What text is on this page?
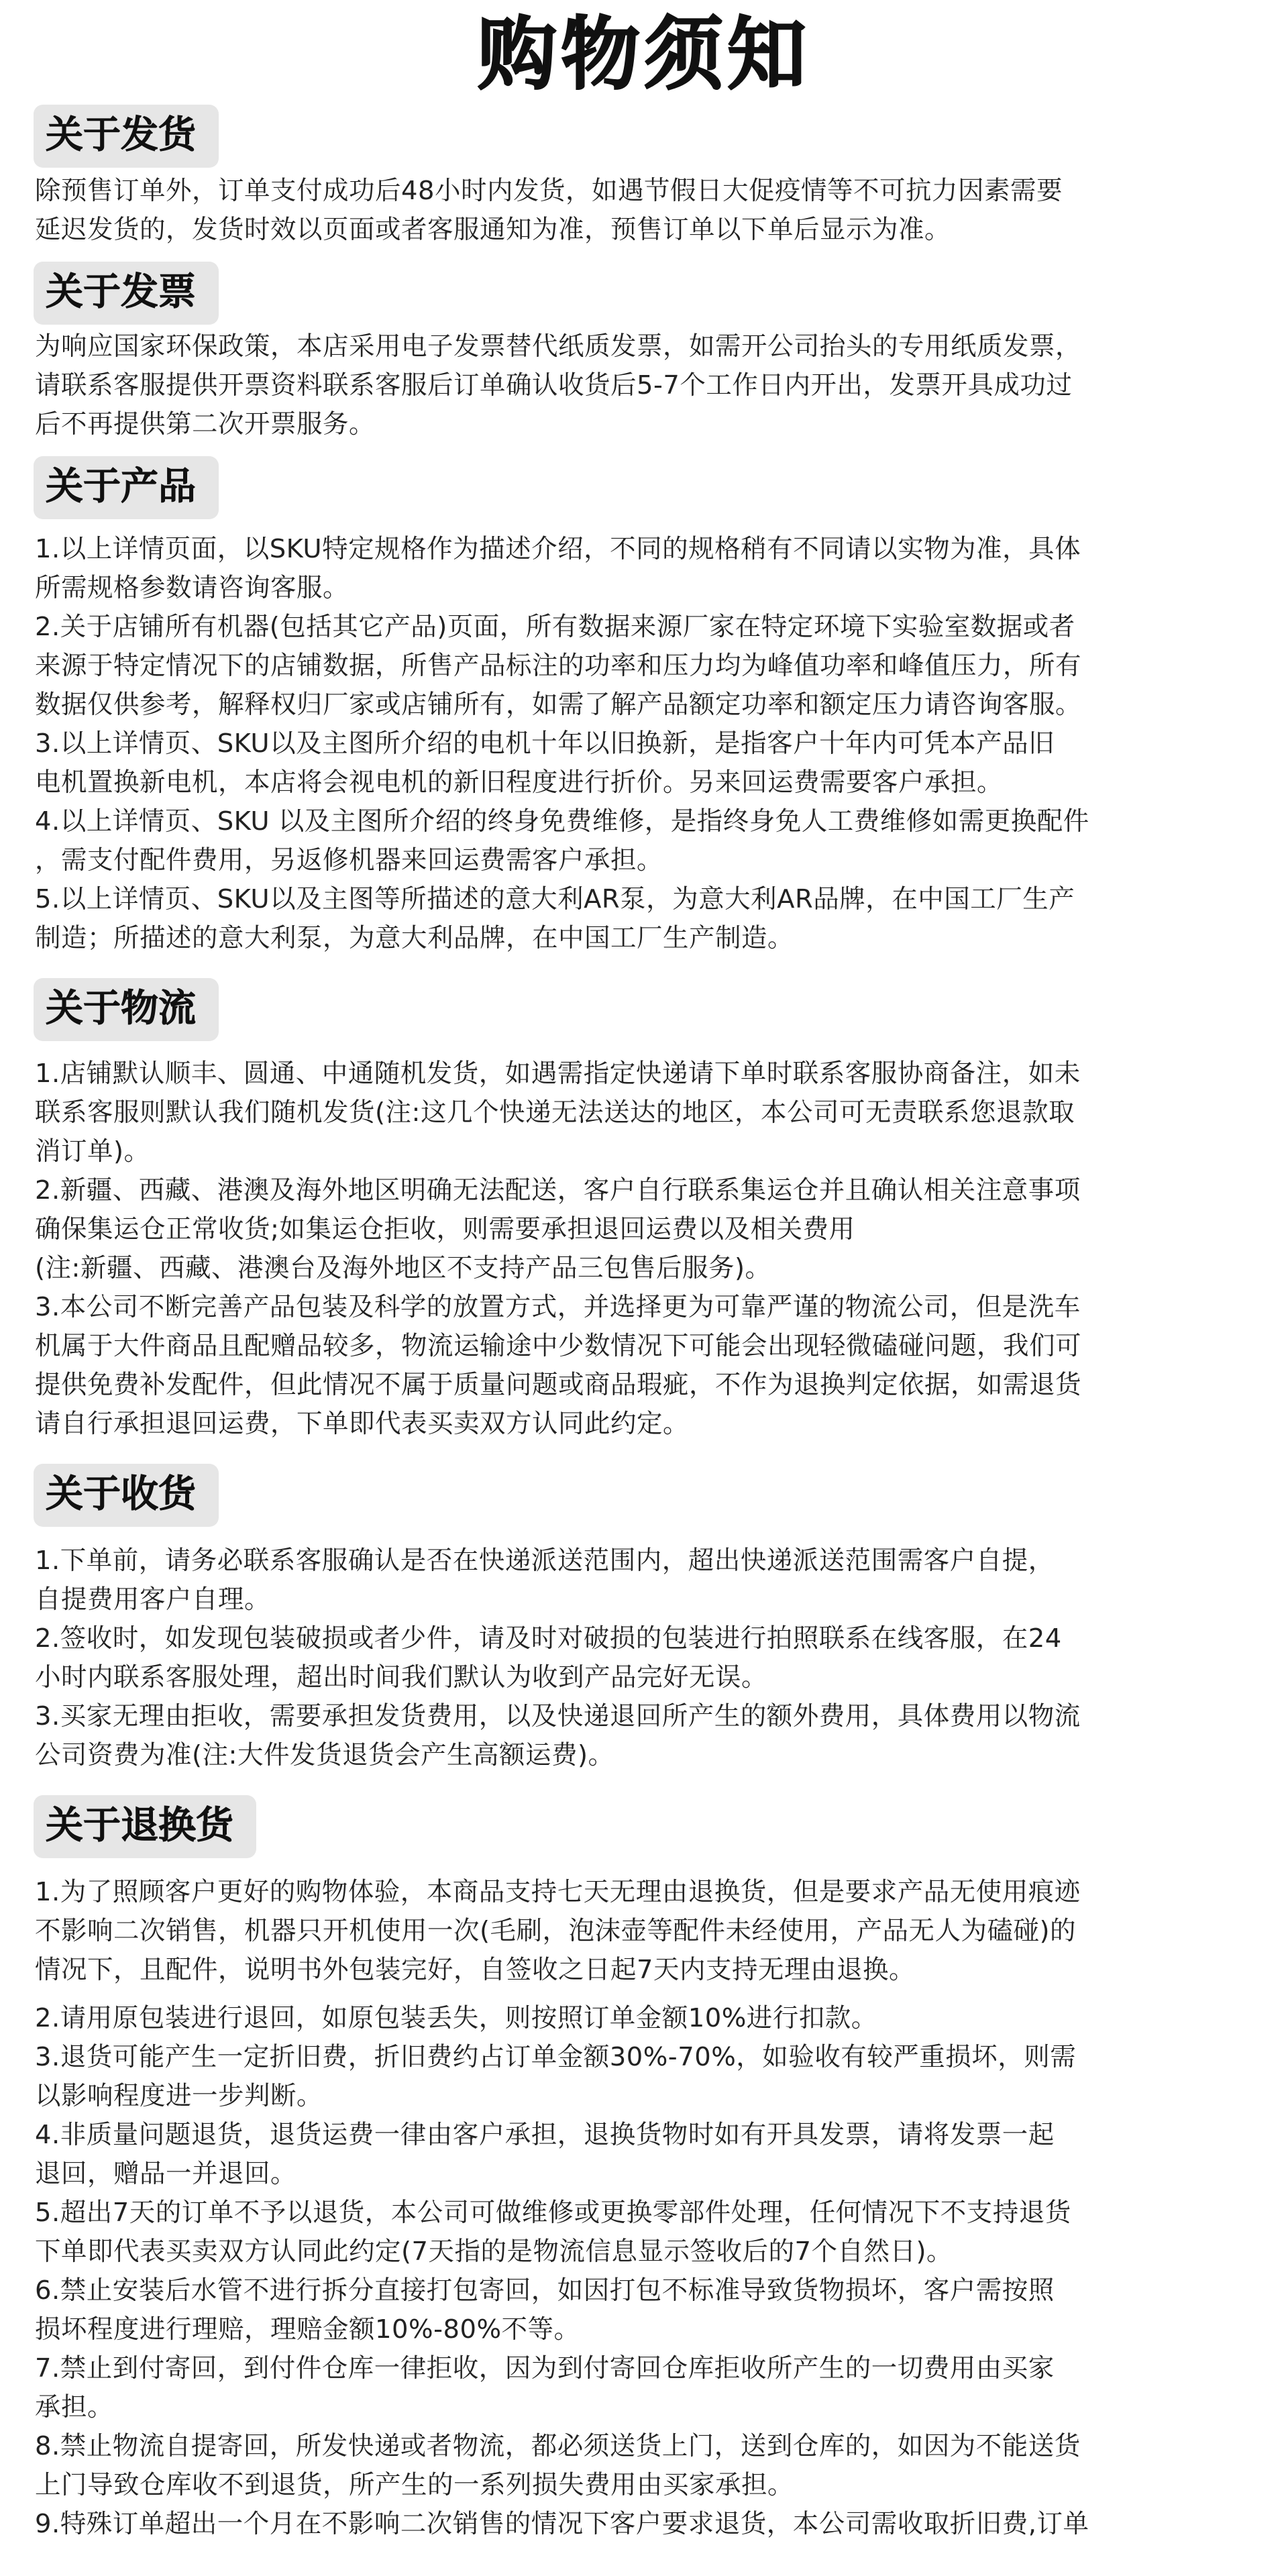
购物须知
关于发货

除预售订单外，订单支付成功后48小时内发货，如遇节假日大促疫情等不可抗力因素需要
延迟发货的，发货时效以页面或者客服通知为准，预售订单以下单后显示为准。

关于发票

为响应国家环保政策，本店采用电子发票替代纸质发票，如需开公司抬头的专用纸质发票，
请联系客服提供开票资料联系客服后订单确认收货后5-7个工作日内开出，发票开具成功过
后不再提供第二次开票服务。

关于产品

1.以上详情页面，以SKU特定规格作为描述介绍，不同的规格稍有不同请以实物为准，具体
所需规格参数请咨询客服。

2.关于店铺所有机器(包括其它产品)页面，所有数据来源厂家在特定环境下实验室数据或者
来源于特定情况下的店铺数据，所售产品标注的功率和压力均为峰值功率和峰值压力，所有
数据仅供参考，解释权归厂家或店铺所有，如需了解产品额定功率和额定压力请咨询客服。

3.以上详情页、SKU以及主图所介绍的电机十年以旧换新，是指客户十年内可凭本产品旧
电机置换新电机，本店将会视电机的新旧程度进行折价。另来回运费需要客户承担。

4.以上详情页、SKU 以及主图所介绍的终身免费维修，是指终身免人工费维修如需更换配件
，需支付配件费用，另返修机器来回运费需客户承担。

5.以上详情页、SKU以及主图等所描述的意大利AR泵，为意大利AR品牌，在中国工厂生产
制造；所描述的意大利泵，为意大利品牌，在中国工厂生产制造。

关于物流

1.店铺默认顺丰、圆通、中通随机发货，如遇需指定快递请下单时联系客服协商备注，如未
联系客服则默认我们随机发货(注:这几个快递无法送达的地区，本公司可无责联系您退款取
消订单)。

2.新疆、西藏、港澳及海外地区明确无法配送，客户自行联系集运仓并且确认相关注意事项
确保集运仓正常收货;如集运仓拒收，则需要承担退回运费以及相关费用
(注:新疆、西藏、港澳台及海外地区不支持产品三包售后服务)。

3.本公司不断完善产品包装及科学的放置方式，并选择更为可靠严谨的物流公司，但是洗车
机属于大件商品且配赠品较多，物流运输途中少数情况下可能会出现轻微磕碰问题，我们可
提供免费补发配件，但此情况不属于质量问题或商品瑕疵，不作为退换判定依据，如需退货
请自行承担退回运费，下单即代表买卖双方认同此约定。

关于收货

1.下单前，请务必联系客服确认是否在快递派送范围内，超出快递派送范围需客户自提，
自提费用客户自理。

2.签收时，如发现包装破损或者少件，请及时对破损的包装进行拍照联系在线客服，在24
小时内联系客服处理，超出时间我们默认为收到产品完好无误。

3.买家无理由拒收，需要承担发货费用，以及快递退回所产生的额外费用，具体费用以物流
公司资费为准(注:大件发货退货会产生高额运费)。

关于退换货

1.为了照顾客户更好的购物体验，本商品支持七天无理由退换货，但是要求产品无使用痕迹
不影响二次销售，机器只开机使用一次(毛刷，泡沫壶等配件未经使用，产品无人为磕碰)的
情况下，且配件，说明书外包装完好，自签收之日起7天内支持无理由退换。

2.请用原包装进行退回，如原包装丢失，则按照订单金额10%进行扣款。

3.退货可能产生一定折旧费，折旧费约占订单金额30%-70%，如验收有较严重损坏，则需
以影响程度进一步判断。

4.非质量问题退货，退货运费一律由客户承担，退换货物时如有开具发票，请将发票一起
退回，赠品一并退回。

5.超出7天的订单不予以退货，本公司可做维修或更换零部件处理，任何情况下不支持退货
下单即代表买卖双方认同此约定(7天指的是物流信息显示签收后的7个自然日)。

6.禁止安装后水管不进行拆分直接打包寄回，如因打包不标准导致货物损坏，客户需按照
损坏程度进行理赔，理赔金额10%-80%不等。

7.禁止到付寄回，到付件仓库一律拒收，因为到付寄回仓库拒收所产生的一切费用由买家
承担。

8.禁止物流自提寄回，所发快递或者物流，都必须送货上门，送到仓库的，如因为不能送货
上门导致仓库收不到退货，所产生的一系列损失费用由买家承担。

9.特殊订单超出一个月在不影响二次销售的情况下客户要求退货，本公司需收取折旧费,订单
